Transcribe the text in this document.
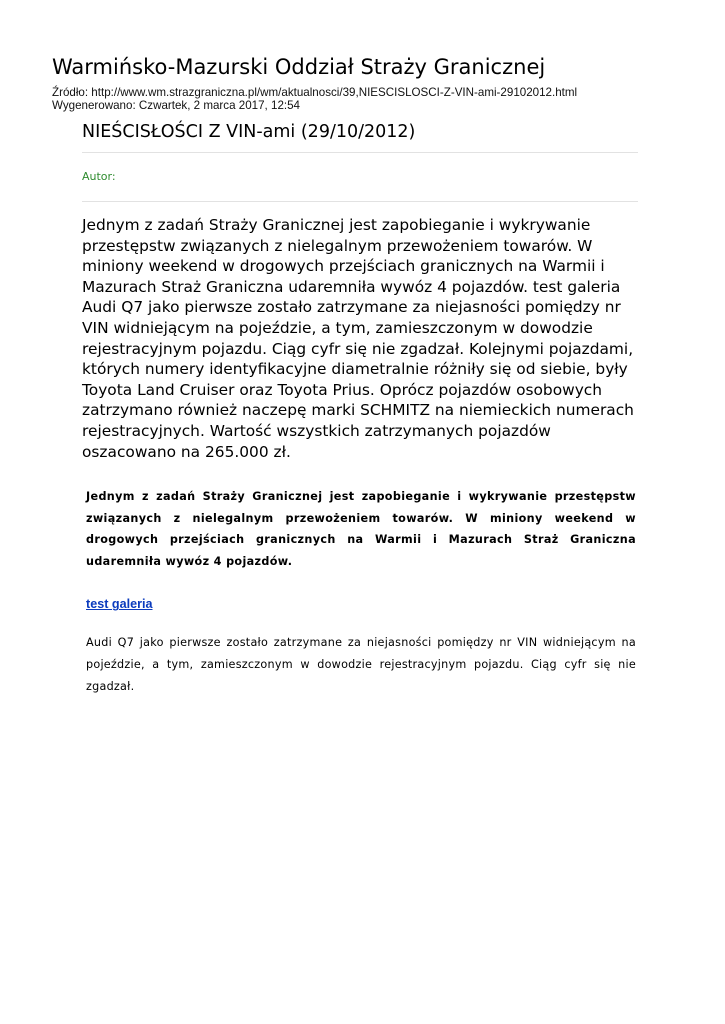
Warmińsko-Mazurski Oddział Straży Granicznej
Źródło: http://www.wm.strazgraniczna.pl/wm/aktualnosci/39,NIESCISLOSCI-Z-VIN-ami-29102012.html
Wygenerowano: Czwartek, 2 marca 2017, 12:54
NIEŚCISŁOŚCI Z VIN-ami (29/10/2012)
Autor:
Jednym z zadań Straży Granicznej jest zapobieganie i wykrywanie przestępstw związanych z nielegalnym przewożeniem towarów. W miniony weekend w drogowych przejściach granicznych na Warmii i Mazurach Straż Graniczna udaremniła wywóz 4 pojazdów. test galeria Audi Q7 jako pierwsze zostało zatrzymane za niejasności pomiędzy nr VIN widniejącym na pojeździe, a tym, zamieszczonym w dowodzie rejestracyjnym pojazdu. Ciąg cyfr się nie zgadzał. Kolejnymi pojazdami, których numery identyfikacyjne diametralnie różniły się od siebie, były Toyota Land Cruiser oraz Toyota Prius. Oprócz pojazdów osobowych zatrzymano również naczepę marki SCHMITZ na niemieckich numerach rejestracyjnych. Wartość wszystkich zatrzymanych pojazdów oszacowano na 265.000 zł.

Jednym z zadań Straży Granicznej jest zapobieganie i wykrywanie przestępstw związanych z nielegalnym przewożeniem towarów. W miniony weekend w drogowych przejściach granicznych na Warmii i Mazurach Straż Graniczna udaremniła wywóz 4 pojazdów.

test galeria

Audi Q7 jako pierwsze zostało zatrzymane za niejasności pomiędzy nr VIN widniejącym na pojeździe, a tym, zamieszczonym w dowodzie rejestracyjnym pojazdu. Ciąg cyfr się nie zgadzał.
